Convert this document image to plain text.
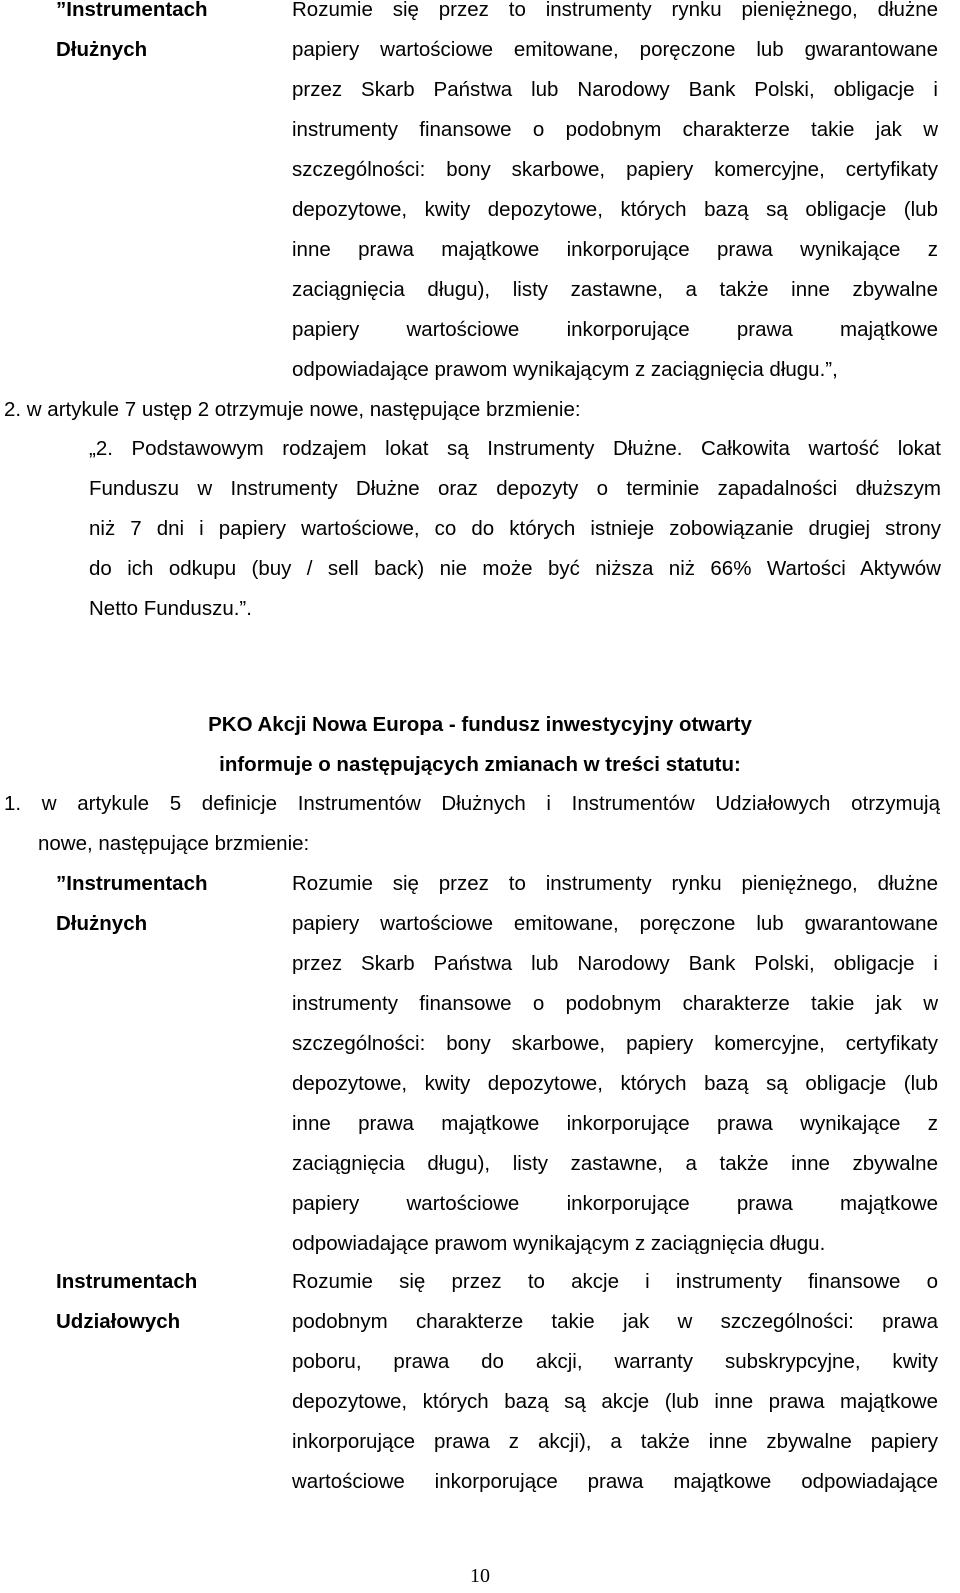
”Instrumentach
Dłużnych
Rozumie się przez to instrumenty rynku pieniężnego, dłużne
papiery wartościowe emitowane, poręczone lub gwarantowane
przez Skarb Państwa lub Narodowy Bank Polski, obligacje i
instrumenty finansowe o podobnym charakterze takie jak w
szczególności: bony skarbowe, papiery komercyjne, certyfikaty
depozytowe, kwity depozytowe, których bazą są obligacje (lub
inne prawa majątkowe inkorporujące prawa wynikające z
zaciągnięcia długu), listy zastawne, a także inne zbywalne
papiery wartościowe inkorporujące prawa majątkowe
odpowiadające prawom wynikającym z zaciągnięcia długu.”,
2. w artykule 7 ustęp 2 otrzymuje nowe, następujące brzmienie:
„2. Podstawowym rodzajem lokat są Instrumenty Dłużne. Całkowita wartość lokat
Funduszu w Instrumenty Dłużne oraz depozyty o terminie zapadalności dłuższym
niż 7 dni i papiery wartościowe, co do których istnieje zobowiązanie drugiej strony
do ich odkupu (buy / sell back) nie może być niższa niż 66% Wartości Aktywów
Netto Funduszu.”.
PKO Akcji Nowa Europa - fundusz inwestycyjny otwarty
informuje o następujących zmianach w treści statutu:
1. w artykule 5 definicje Instrumentów Dłużnych i Instrumentów Udziałowych otrzymują
nowe, następujące brzmienie:
”Instrumentach
Dłużnych
Rozumie się przez to instrumenty rynku pieniężnego, dłużne
papiery wartościowe emitowane, poręczone lub gwarantowane
przez Skarb Państwa lub Narodowy Bank Polski, obligacje i
instrumenty finansowe o podobnym charakterze takie jak w
szczególności: bony skarbowe, papiery komercyjne, certyfikaty
depozytowe, kwity depozytowe, których bazą są obligacje (lub
inne prawa majątkowe inkorporujące prawa wynikające z
zaciągnięcia długu), listy zastawne, a także inne zbywalne
papiery wartościowe inkorporujące prawa majątkowe
odpowiadające prawom wynikającym z zaciągnięcia długu.
Instrumentach
Udziałowych
Rozumie się przez to akcje i instrumenty finansowe o
podobnym charakterze takie jak w szczególności: prawa
poboru, prawa do akcji, warranty subskrypcyjne, kwity
depozytowe, których bazą są akcje (lub inne prawa majątkowe
inkorporujące prawa z akcji), a także inne zbywalne papiery
wartościowe inkorporujące prawa majątkowe odpowiadające
10
